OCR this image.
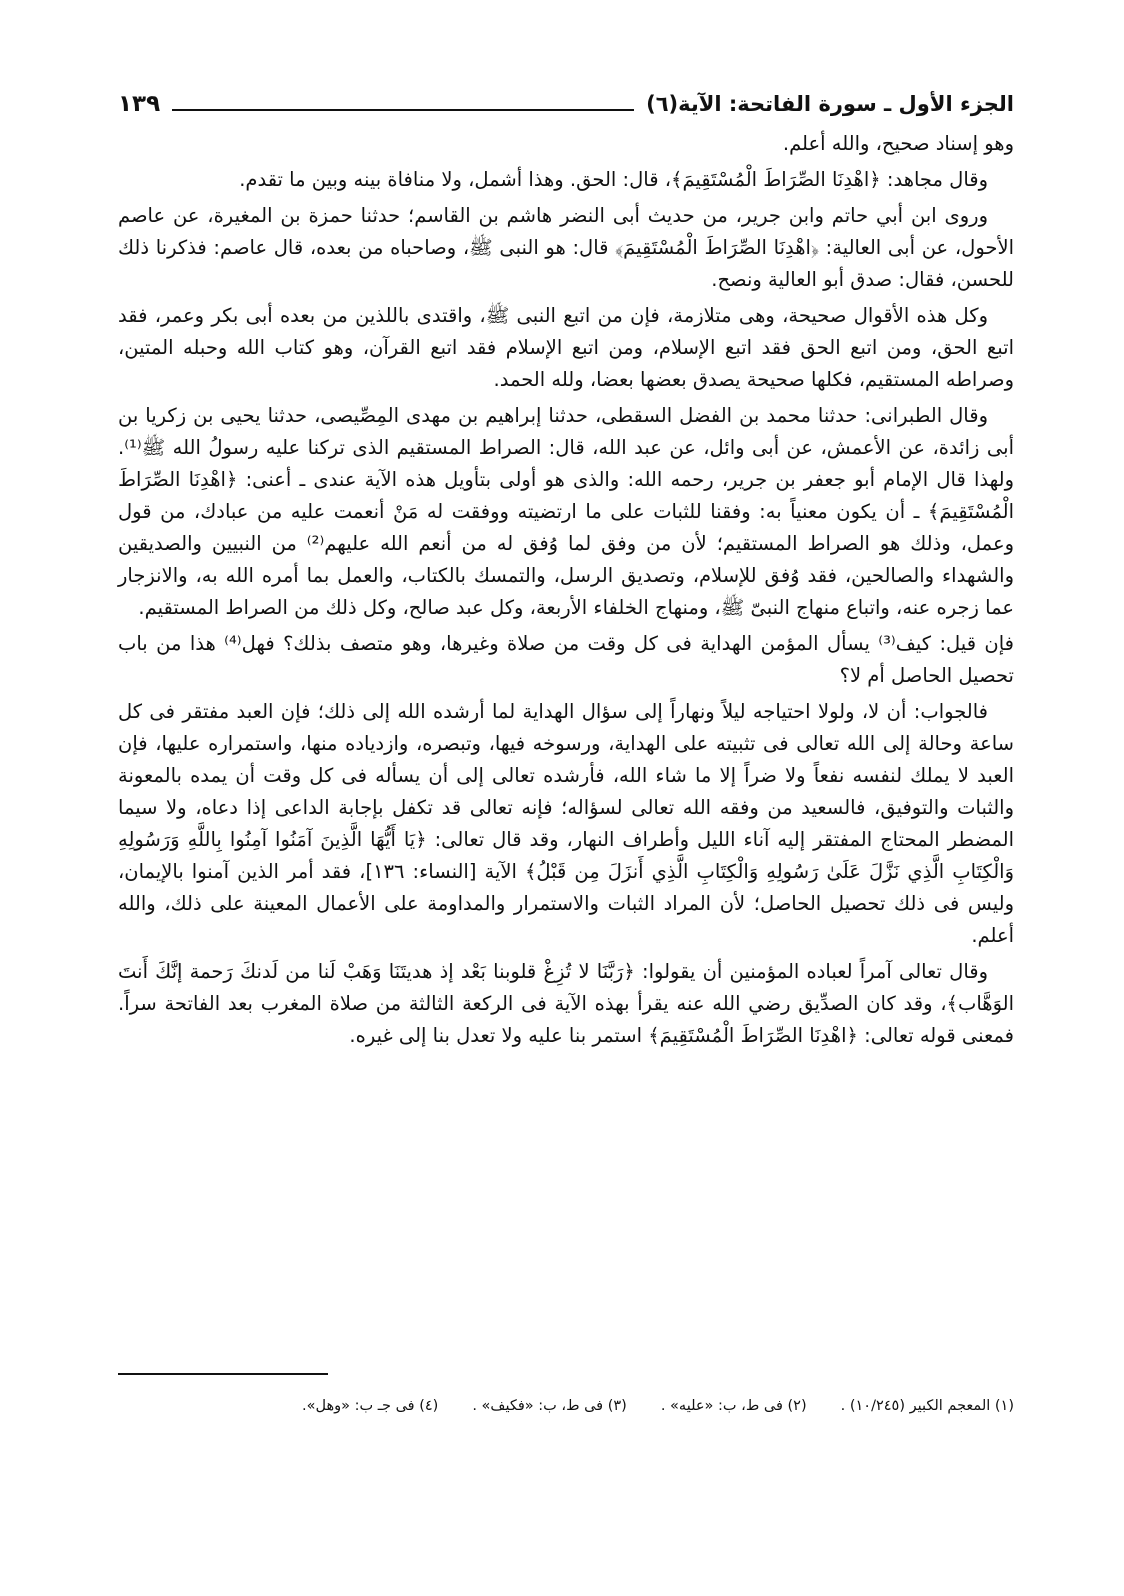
الجزء الأول ـ سورة الفاتحة: الآية(٦)
١٣٩

وهو إسناد صحيح، والله أعلم.

وقال مجاهد: ﴿اهْدِنَا الصِّرَاطَ الْمُسْتَقِيمَ﴾، قال: الحق. وهذا أشمل، ولا منافاة بينه وبين ما تقدم.

وروى ابن أبي حاتم وابن جرير، من حديث أبى النضر هاشم بن القاسم؛ حدثنا حمزة بن المغيرة، عن عاصم الأحول، عن أبى العالية: ﴿اهْدِنَا الصِّرَاطَ الْمُسْتَقِيمَ﴾ قال: هو النبى ﷺ، وصاحباه من بعده، قال عاصم: فذكرنا ذلك للحسن، فقال: صدق أبو العالية ونصح.

وكل هذه الأقوال صحيحة، وهى متلازمة، فإن من اتبع النبى ﷺ، واقتدى باللذين من بعده أبى بكر وعمر، فقد اتبع الحق، ومن اتبع الحق فقد اتبع الإسلام، ومن اتبع الإسلام فقد اتبع القرآن، وهو كتاب الله وحبله المتين، وصراطه المستقيم، فكلها صحيحة يصدق بعضها بعضا، ولله الحمد.

وقال الطبرانى: حدثنا محمد بن الفضل السقطى، حدثنا إبراهيم بن مهدى المِصِّيصى، حدثنا يحيى بن زكريا بن أبى زائدة، عن الأعمش، عن أبى وائل، عن عبد الله، قال: الصراط المستقيم الذى تركنا عليه رسولُ الله ﷺ⁽¹⁾. ولهذا قال الإمام أبو جعفر بن جرير، رحمه الله: والذى هو أولى بتأويل هذه الآية عندى ـ أعنى: ﴿اهْدِنَا الصِّرَاطَ الْمُسْتَقِيمَ﴾ ـ أن يكون معنياً به: وفقنا للثبات على ما ارتضيته ووفقت له مَنْ أنعمت عليه من عبادك، من قول وعمل، وذلك هو الصراط المستقيم؛ لأن من وفق لما وُفق له من أنعم الله عليهم⁽²⁾ من النبيين والصديقين والشهداء والصالحين، فقد وُفق للإسلام، وتصديق الرسل، والتمسك بالكتاب، والعمل بما أمره الله به، والانزجار عما زجره عنه، واتباع منهاج النبىّ ﷺ، ومنهاج الخلفاء الأربعة، وكل عبد صالح، وكل ذلك من الصراط المستقيم.

فإن قيل: كيف⁽³⁾ يسأل المؤمن الهداية فى كل وقت من صلاة وغيرها، وهو متصف بذلك؟ فهل⁽⁴⁾ هذا من باب تحصيل الحاصل أم لا؟

فالجواب: أن لا، ولولا احتياجه ليلاً ونهاراً إلى سؤال الهداية لما أرشده الله إلى ذلك؛ فإن العبد مفتقر فى كل ساعة وحالة إلى الله تعالى فى تثبيته على الهداية، ورسوخه فيها، وتبصره، وازدياده منها، واستمراره عليها، فإن العبد لا يملك لنفسه نفعاً ولا ضراً إلا ما شاء الله، فأرشده تعالى إلى أن يسأله فى كل وقت أن يمده بالمعونة والثبات والتوفيق، فالسعيد من وفقه الله تعالى لسؤاله؛ فإنه تعالى قد تكفل بإجابة الداعى إذا دعاه، ولا سيما المضطر المحتاج المفتقر إليه آناء الليل وأطراف النهار، وقد قال تعالى: ﴿يَا أَيُّهَا الَّذِينَ آمَنُوا آمِنُوا بِاللَّهِ وَرَسُولِهِ وَالْكِتَابِ الَّذِي نَزَّلَ عَلَىٰ رَسُولِهِ وَالْكِتَابِ الَّذِي أَنزَلَ مِن قَبْلُ﴾ الآية [النساء: ١٣٦]، فقد أمر الذين آمنوا بالإيمان، وليس فى ذلك تحصيل الحاصل؛ لأن المراد الثبات والاستمرار والمداومة على الأعمال المعينة على ذلك، والله أعلم.

وقال تعالى آمراً لعباده المؤمنين أن يقولوا: ﴿رَبَّنَا لا تُزِغْ قلوبنا بَعْد إذ هديتَنَا وَهَبْ لَنا من لَدنكَ رَحمة إنَّكَ أَنتَ الوَهَّاب﴾، وقد كان الصدِّيق رضي الله عنه يقرأ بهذه الآية فى الركعة الثالثة من صلاة المغرب بعد الفاتحة سراً. فمعنى قوله تعالى: ﴿اهْدِنَا الصِّرَاطَ الْمُسْتَقِيمَ﴾ استمر بنا عليه ولا تعدل بنا إلى غيره.

(١) المعجم الكبير (١٠/٢٤٥) .
(٢) فى ط، ب: «عليه» .
(٣) فى ط، ب: «فكيف» .
(٤) فى جـ ب: «وهل».
